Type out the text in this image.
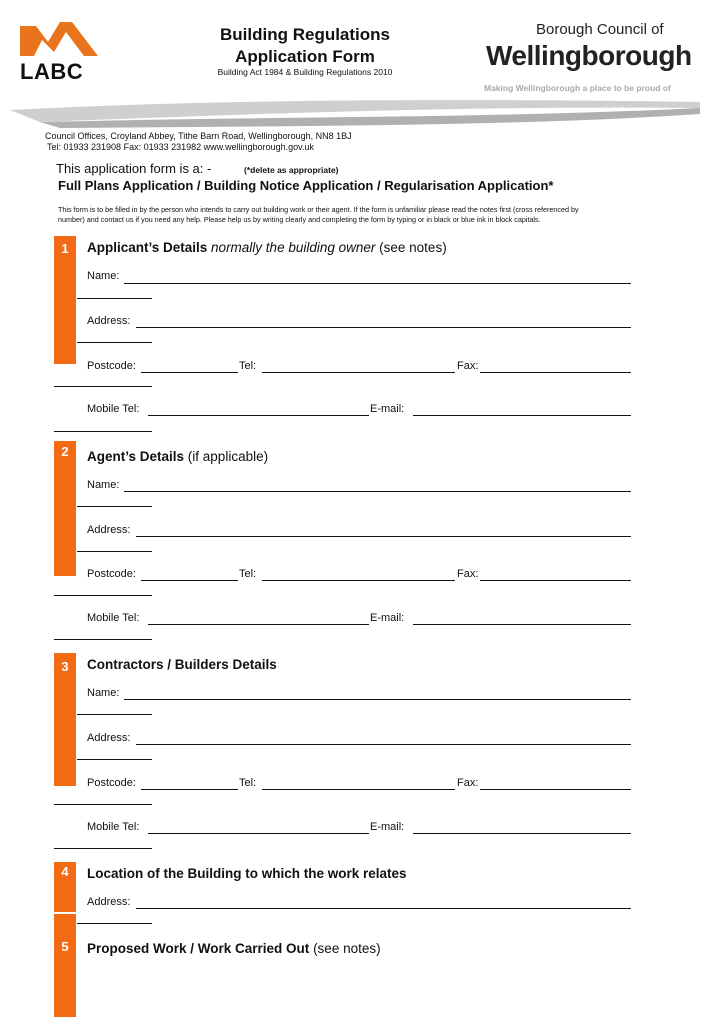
LABC
Building Regulations
Application Form
Building Act 1984 & Building Regulations 2010
Borough Council of
Wellingborough
Making Wellingborough a place to be proud of
Council Offices, Croyland Abbey, Tithe Barn Road, Wellingborough, NN8 1BJ
Tel: 01933 231908 Fax: 01933 231982 www.wellingborough.gov.uk
This application form is a: -	(*delete as appropriate)
Full Plans Application / Building Notice Application / Regularisation Application*
This form is to be filled in by the person who intends to carry out building work or their agent. If the form is unfamiliar please read the notes first (cross referenced by
number) and contact us if you need any help. Please help us by writing clearly and completing the form by typing or in black or blue ink in block capitals.
1	Applicant’s Details normally the building owner (see notes)
Name:
Address:
Postcode:	Tel:	Fax:
Mobile Tel:	E-mail:
2	Agent’s Details (if applicable)
Name:
Address:
Postcode:	Tel:	Fax:
Mobile Tel:	E-mail:
3	Contractors / Builders Details
Name:
Address:
Postcode:	Tel:	Fax:
Mobile Tel:	E-mail:
4	Location of the Building to which the work relates
Address:
5	Proposed Work / Work Carried Out (see notes)
